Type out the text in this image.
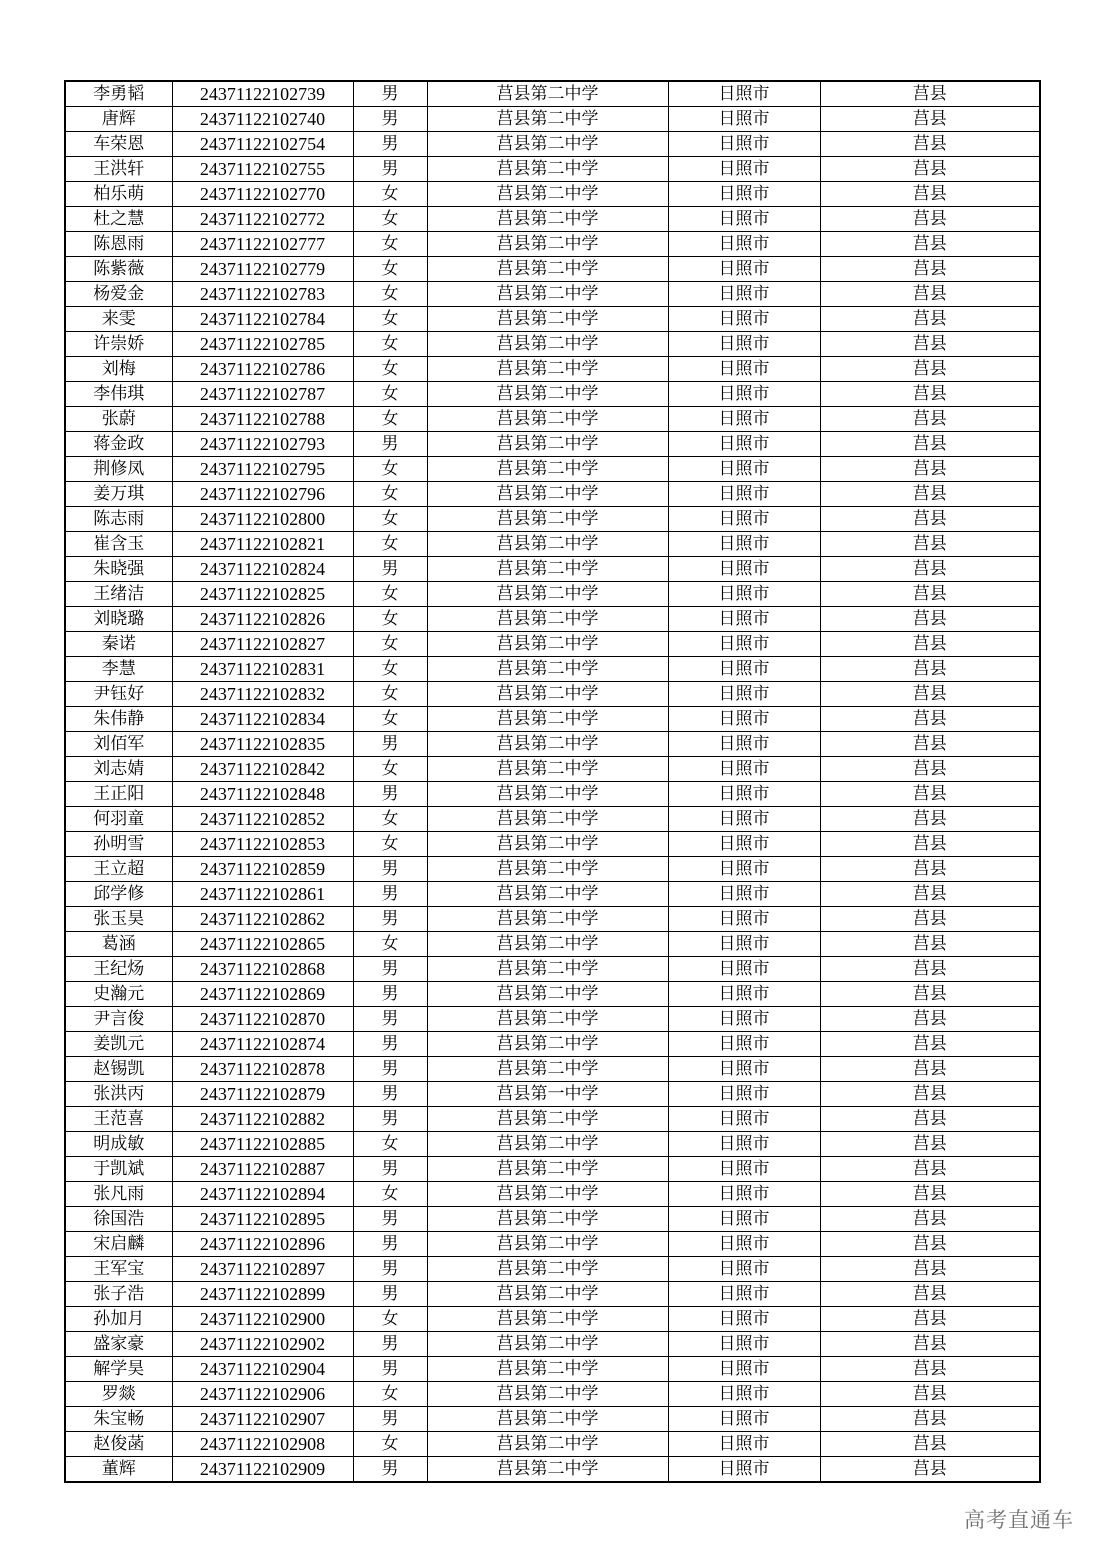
李勇韬	24371122102739	男	莒县第二中学	日照市	莒县
唐辉	24371122102740	男	莒县第二中学	日照市	莒县
车荣恩	24371122102754	男	莒县第二中学	日照市	莒县
王洪轩	24371122102755	男	莒县第二中学	日照市	莒县
柏乐萌	24371122102770	女	莒县第二中学	日照市	莒县
杜之慧	24371122102772	女	莒县第二中学	日照市	莒县
陈恩雨	24371122102777	女	莒县第二中学	日照市	莒县
陈紫薇	24371122102779	女	莒县第二中学	日照市	莒县
杨爱金	24371122102783	女	莒县第二中学	日照市	莒县
来雯	24371122102784	女	莒县第二中学	日照市	莒县
许崇娇	24371122102785	女	莒县第二中学	日照市	莒县
刘梅	24371122102786	女	莒县第二中学	日照市	莒县
李伟琪	24371122102787	女	莒县第二中学	日照市	莒县
张蔚	24371122102788	女	莒县第二中学	日照市	莒县
蒋金政	24371122102793	男	莒县第二中学	日照市	莒县
荆修凤	24371122102795	女	莒县第二中学	日照市	莒县
姜万琪	24371122102796	女	莒县第二中学	日照市	莒县
陈志雨	24371122102800	女	莒县第二中学	日照市	莒县
崔含玉	24371122102821	女	莒县第二中学	日照市	莒县
朱晓强	24371122102824	男	莒县第二中学	日照市	莒县
王绪洁	24371122102825	女	莒县第二中学	日照市	莒县
刘晓璐	24371122102826	女	莒县第二中学	日照市	莒县
秦诺	24371122102827	女	莒县第二中学	日照市	莒县
李慧	24371122102831	女	莒县第二中学	日照市	莒县
尹钰好	24371122102832	女	莒县第二中学	日照市	莒县
朱伟静	24371122102834	女	莒县第二中学	日照市	莒县
刘佰军	24371122102835	男	莒县第二中学	日照市	莒县
刘志婧	24371122102842	女	莒县第二中学	日照市	莒县
王正阳	24371122102848	男	莒县第二中学	日照市	莒县
何羽童	24371122102852	女	莒县第二中学	日照市	莒县
孙明雪	24371122102853	女	莒县第二中学	日照市	莒县
王立超	24371122102859	男	莒县第二中学	日照市	莒县
邱学修	24371122102861	男	莒县第二中学	日照市	莒县
张玉昊	24371122102862	男	莒县第二中学	日照市	莒县
葛涵	24371122102865	女	莒县第二中学	日照市	莒县
王纪炀	24371122102868	男	莒县第二中学	日照市	莒县
史瀚元	24371122102869	男	莒县第二中学	日照市	莒县
尹言俊	24371122102870	男	莒县第二中学	日照市	莒县
姜凯元	24371122102874	男	莒县第二中学	日照市	莒县
赵锡凯	24371122102878	男	莒县第二中学	日照市	莒县
张洪丙	24371122102879	男	莒县第一中学	日照市	莒县
王范喜	24371122102882	男	莒县第二中学	日照市	莒县
明成敏	24371122102885	女	莒县第二中学	日照市	莒县
于凯斌	24371122102887	男	莒县第二中学	日照市	莒县
张凡雨	24371122102894	女	莒县第二中学	日照市	莒县
徐国浩	24371122102895	男	莒县第二中学	日照市	莒县
宋启麟	24371122102896	男	莒县第二中学	日照市	莒县
王军宝	24371122102897	男	莒县第二中学	日照市	莒县
张子浩	24371122102899	男	莒县第二中学	日照市	莒县
孙加月	24371122102900	女	莒县第二中学	日照市	莒县
盛家豪	24371122102902	男	莒县第二中学	日照市	莒县
解学昊	24371122102904	男	莒县第二中学	日照市	莒县
罗燚	24371122102906	女	莒县第二中学	日照市	莒县
朱宝畅	24371122102907	男	莒县第二中学	日照市	莒县
赵俊菡	24371122102908	女	莒县第二中学	日照市	莒县
董辉	24371122102909	男	莒县第二中学	日照市	莒县
高考直通车
